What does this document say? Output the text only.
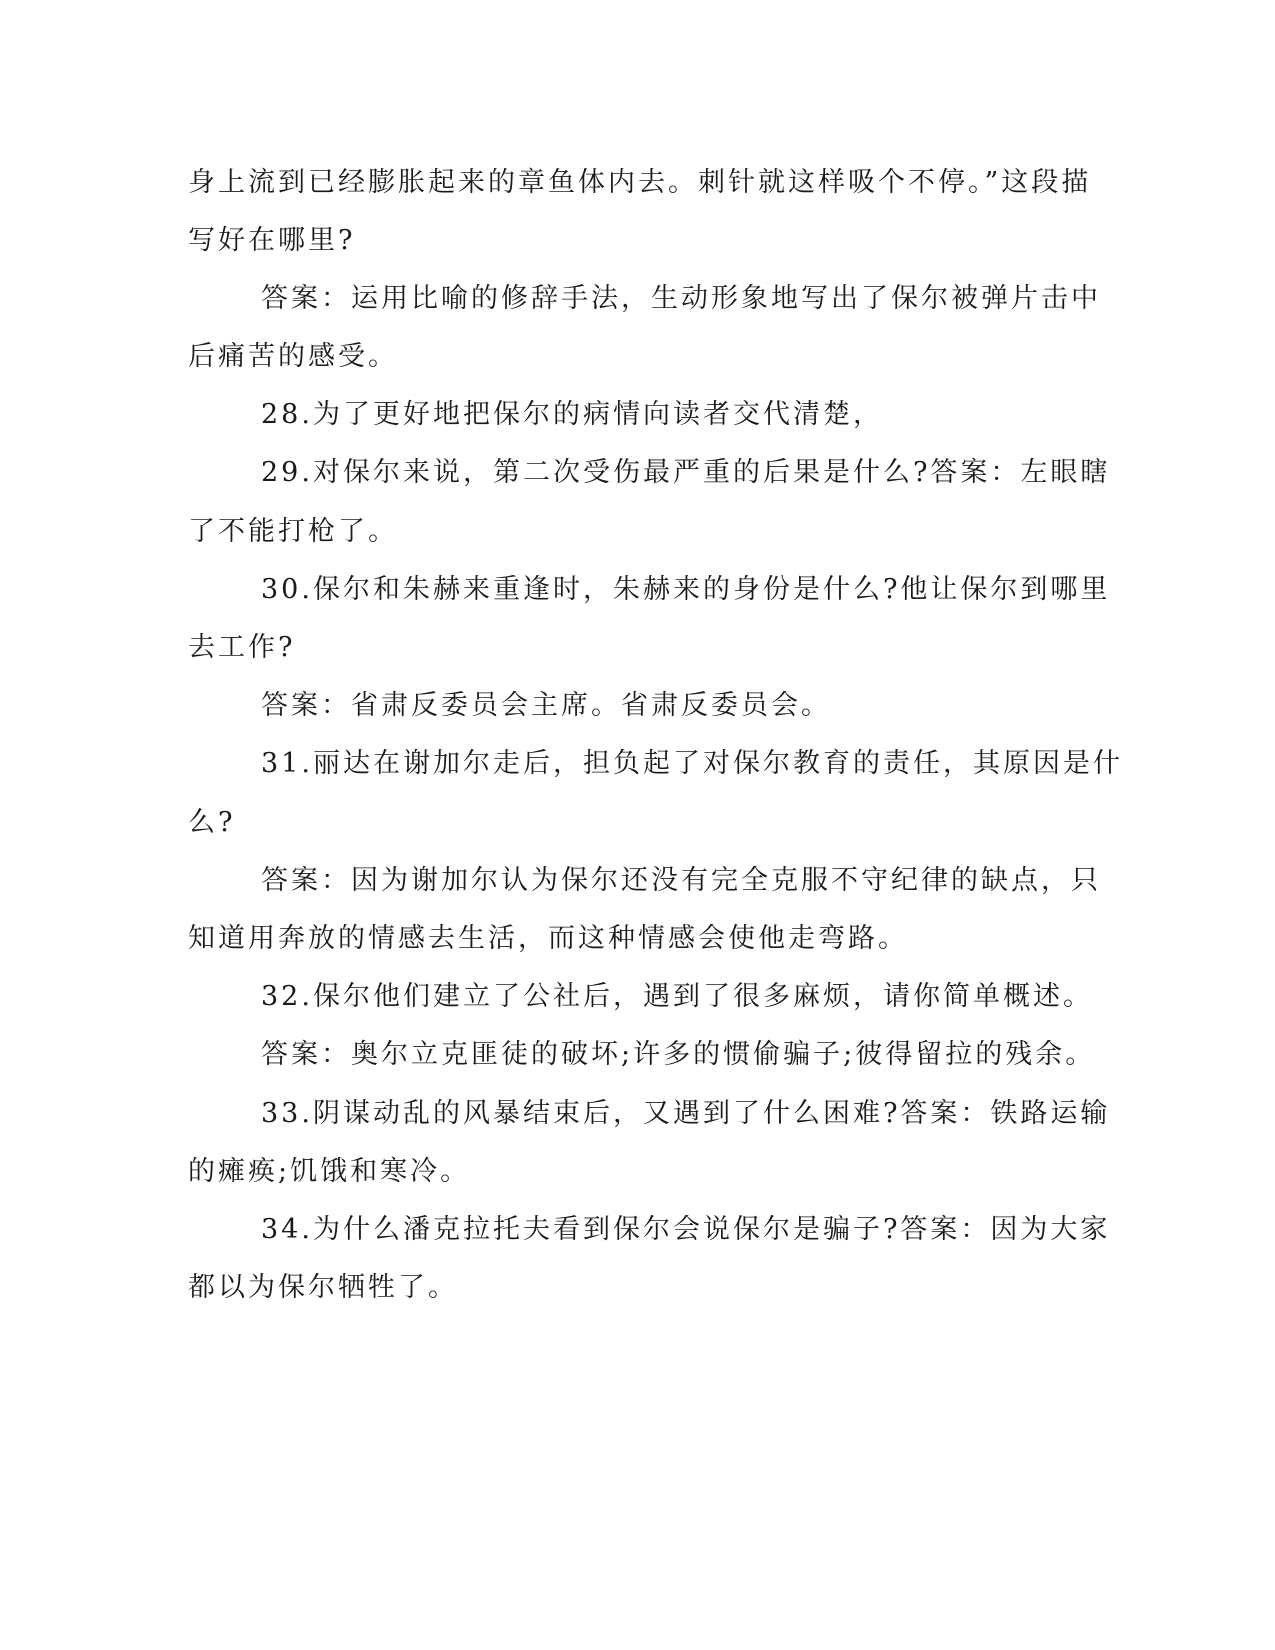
身上流到已经膨胀起来的章鱼体内去。刺针就这样吸个不停。”这段描
写好在哪里?
答案：运用比喻的修辞手法，生动形象地写出了保尔被弹片击中
后痛苦的感受。
28.为了更好地把保尔的病情向读者交代清楚，
29.对保尔来说，第二次受伤最严重的后果是什么?答案：左眼瞎
了不能打枪了。
30.保尔和朱赫来重逢时，朱赫来的身份是什么?他让保尔到哪里
去工作?
答案：省肃反委员会主席。省肃反委员会。
31.丽达在谢加尔走后，担负起了对保尔教育的责任，其原因是什
么?
答案：因为谢加尔认为保尔还没有完全克服不守纪律的缺点，只
知道用奔放的情感去生活，而这种情感会使他走弯路。
32.保尔他们建立了公社后，遇到了很多麻烦，请你简单概述。
答案：奥尔立克匪徒的破坏;许多的惯偷骗子;彼得留拉的残余。
33.阴谋动乱的风暴结束后，又遇到了什么困难?答案：铁路运输
的瘫痪;饥饿和寒冷。
34.为什么潘克拉托夫看到保尔会说保尔是骗子?答案：因为大家
都以为保尔牺牲了。
